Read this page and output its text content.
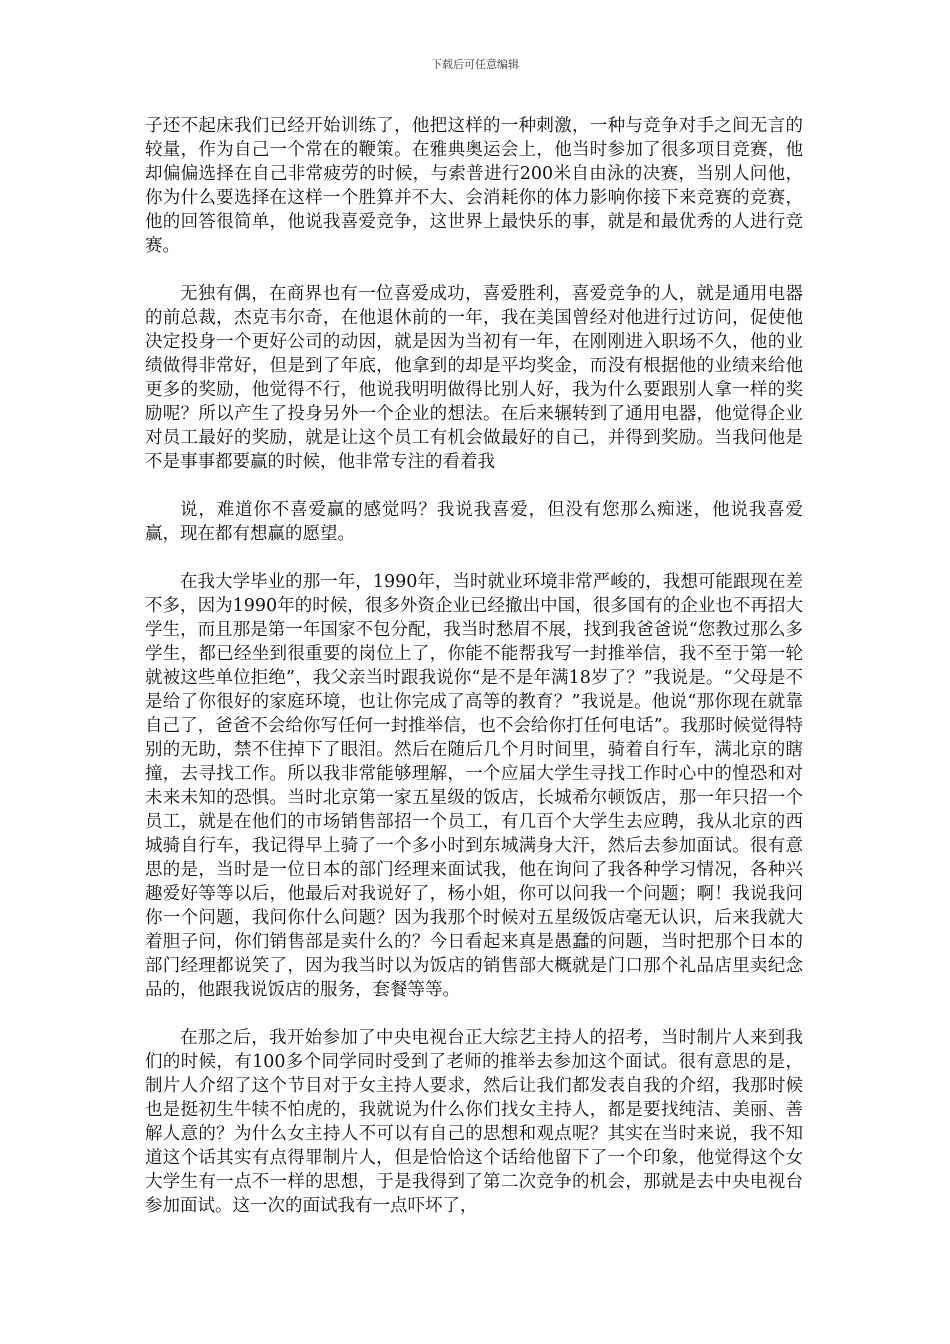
下载后可任意编辑

子还不起床我们已经开始训练了，他把这样的一种刺激，一种与竞争对手之间无言的较量，作为自己一个常在的鞭策。在雅典奥运会上，他当时参加了很多项目竞赛，他却偏偏选择在自己非常疲劳的时候，与索普进行200米自由泳的决赛，当别人问他，你为什么要选择在这样一个胜算并不大、会消耗你的体力影响你接下来竞赛的竞赛，他的回答很简单，他说我喜爱竞争，这世界上最快乐的事，就是和最优秀的人进行竞赛。

无独有偶，在商界也有一位喜爱成功，喜爱胜利，喜爱竞争的人，就是通用电器的前总裁，杰克韦尔奇，在他退休前的一年，我在美国曾经对他进行过访问，促使他决定投身一个更好公司的动因，就是因为当初有一年，在刚刚进入职场不久，他的业绩做得非常好，但是到了年底，他拿到的却是平均奖金，而没有根据他的业绩来给他更多的奖励，他觉得不行，他说我明明做得比别人好，我为什么要跟别人拿一样的奖励呢？所以产生了投身另外一个企业的想法。在后来辗转到了通用电器，他觉得企业对员工最好的奖励，就是让这个员工有机会做最好的自己，并得到奖励。当我问他是不是事事都要赢的时候，他非常专注的看着我

说，难道你不喜爱赢的感觉吗？我说我喜爱，但没有您那么痴迷，他说我喜爱赢，现在都有想赢的愿望。

在我大学毕业的那一年，1990年，当时就业环境非常严峻的，我想可能跟现在差不多，因为1990年的时候，很多外资企业已经撤出中国，很多国有的企业也不再招大学生，而且那是第一年国家不包分配，我当时愁眉不展，找到我爸爸说“您教过那么多学生，都已经坐到很重要的岗位上了，你能不能帮我写一封推举信，我不至于第一轮就被这些单位拒绝”，我父亲当时跟我说你“是不是年满18岁了？”我说是。“父母是不是给了你很好的家庭环境，也让你完成了高等的教育？”我说是。他说“那你现在就靠自己了，爸爸不会给你写任何一封推举信，也不会给你打任何电话”。我那时候觉得特别的无助，禁不住掉下了眼泪。然后在随后几个月时间里，骑着自行车，满北京的瞎撞，去寻找工作。所以我非常能够理解，一个应届大学生寻找工作时心中的惶恐和对未来未知的恐惧。当时北京第一家五星级的饭店，长城希尔顿饭店，那一年只招一个员工，就是在他们的市场销售部招一个员工，有几百个大学生去应聘，我从北京的西城骑自行车，我记得早上骑了一个多小时到东城满身大汗，然后去参加面试。很有意思的是，当时是一位日本的部门经理来面试我，他在询问了我各种学习情况，各种兴趣爱好等等以后，他最后对我说好了，杨小姐，你可以问我一个问题；啊！我说我问你一个问题，我问你什么问题？因为我那个时候对五星级饭店毫无认识，后来我就大着胆子问，你们销售部是卖什么的？今日看起来真是愚蠢的问题，当时把那个日本的部门经理都说笑了，因为我当时以为饭店的销售部大概就是门口那个礼品店里卖纪念品的，他跟我说饭店的服务，套餐等等。

在那之后，我开始参加了中央电视台正大综艺主持人的招考，当时制片人来到我们的时候，有100多个同学同时受到了老师的推举去参加这个面试。很有意思的是，制片人介绍了这个节目对于女主持人要求，然后让我们都发表自我的介绍，我那时候也是挺初生牛犊不怕虎的，我就说为什么你们找女主持人，都是要找纯洁、美丽、善解人意的？为什么女主持人不可以有自己的思想和观点呢？其实在当时来说，我不知道这个话其实有点得罪制片人，但是恰恰这个话给他留下了一个印象，他觉得这个女大学生有一点不一样的思想，于是我得到了第二次竞争的机会，那就是去中央电视台参加面试。这一次的面试我有一点吓坏了，
